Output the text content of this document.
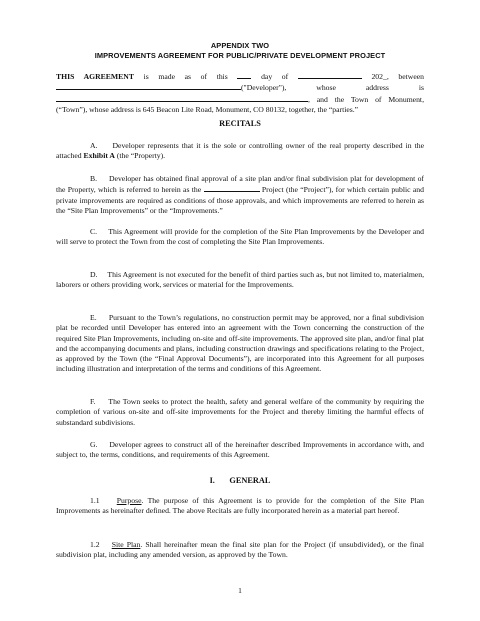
APPENDIX TWO
IMPROVEMENTS AGREEMENT FOR PUBLIC/PRIVATE DEVELOPMENT PROJECT

THIS AGREEMENT is made as of this  day of	202_, between ("Developer"), whose address is , and the Town of Monument, (“Town”), whose address is 645 Beacon Lite Road, Monument, CO 80132, together, the “parties.”

RECITALS

A.     Developer represents that it is the sole or controlling owner of the real property described in the attached Exhibit A (the “Property).

B.     Developer has obtained final approval of a site plan and/or final subdivision plat for development of the Property, which is referred to herein as the	Project (the “Project”), for which certain public and private improvements are required as conditions of those approvals, and which improvements are referred to herein as the “Site Plan Improvements” or the “Improvements.”

C.     This Agreement will provide for the completion of the Site Plan Improvements by the Developer and will serve to protect the Town from the cost of completing the Site Plan Improvements.

D.     This Agreement is not executed for the benefit of third parties such as, but not limited to, materialmen, laborers or others providing work, services or material for the Improvements.

E.     Pursuant to the Town’s regulations, no construction permit may be approved, nor a final subdivision plat be recorded until Developer has entered into an agreement with the Town concerning the construction of the required Site Plan Improvements, including on-site and off-site improvements. The approved site plan, and/or final plat and the accompanying documents and plans, including construction drawings and specifications relating to the Project, as approved by the Town (the “Final Approval Documents”), are incorporated into this Agreement for all purposes including illustration and interpretation of the terms and conditions of this Agreement.

F.     The Town seeks to protect the health, safety and general welfare of the community by requiring the completion of various on-site and off-site improvements for the Project and thereby limiting the harmful effects of substandard subdivisions.

G.     Developer agrees to construct all of the hereinafter described Improvements in accordance with, and subject to, the terms, conditions, and requirements of this Agreement.

I.       GENERAL

1.1    Purpose. The purpose of this Agreement is to provide for the completion of the Site Plan Improvements as hereinafter defined. The above Recitals are fully incorporated herein as a material part hereof.

1.2    Site Plan. Shall hereinafter mean the final site plan for the Project (if unsubdivided), or the final subdivision plat, including any amended version, as approved by the Town.

1
